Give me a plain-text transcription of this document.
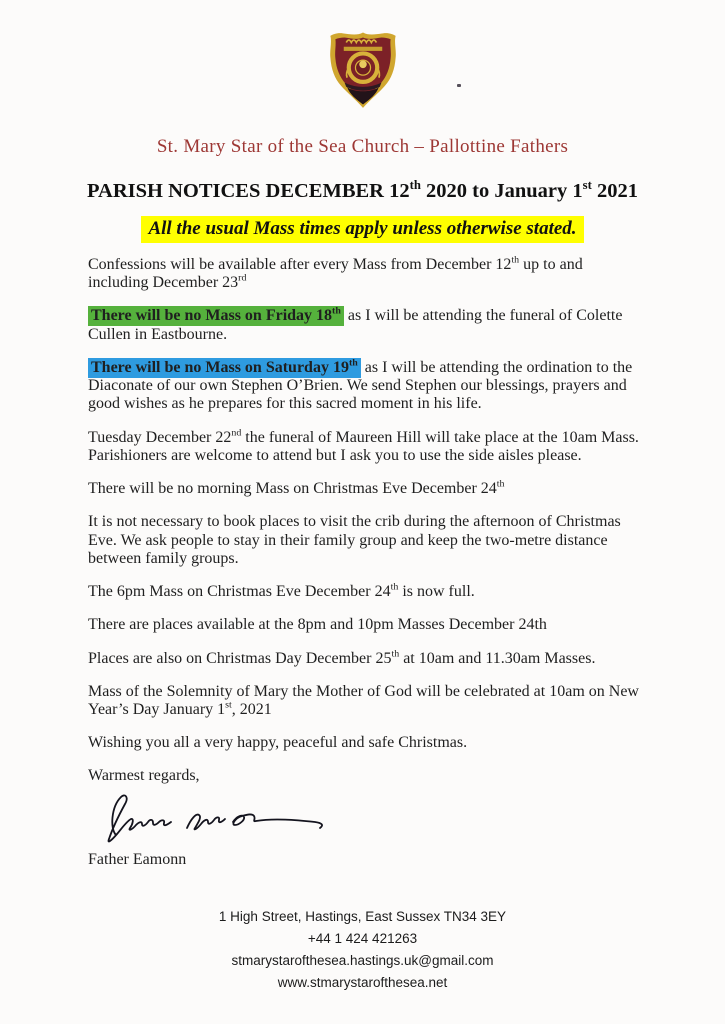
St. Mary Star of the Sea Church – Pallottine Fathers
PARISH NOTICES DECEMBER 12th 2020 to January 1st 2021
All the usual Mass times apply unless otherwise stated.

Confessions will be available after every Mass from December 12th up to and including December 23rd

There will be no Mass on Friday 18th as I will be attending the funeral of Colette Cullen in Eastbourne.

There will be no Mass on Saturday 19th as I will be attending the ordination to the Diaconate of our own Stephen O’Brien. We send Stephen our blessings, prayers and good wishes as he prepares for this sacred moment in his life.

Tuesday December 22nd the funeral of Maureen Hill will take place at the 10am Mass. Parishioners are welcome to attend but I ask you to use the side aisles please.

There will be no morning Mass on Christmas Eve December 24th

It is not necessary to book places to visit the crib during the afternoon of Christmas Eve. We ask people to stay in their family group and keep the two-metre distance between family groups.

The 6pm Mass on Christmas Eve December 24th is now full.

There are places available at the 8pm and 10pm Masses December 24th

Places are also on Christmas Day December 25th at 10am and 11.30am Masses.

Mass of the Solemnity of Mary the Mother of God will be celebrated at 10am on New Year’s Day January 1st, 2021

Wishing you all a very happy, peaceful and safe Christmas.

Warmest regards,
Father Eamonn
1 High Street, Hastings, East Sussex TN34 3EY
+44 1 424 421263
stmarystarofthesea.hastings.uk@gmail.com
www.stmarystarofthesea.net
